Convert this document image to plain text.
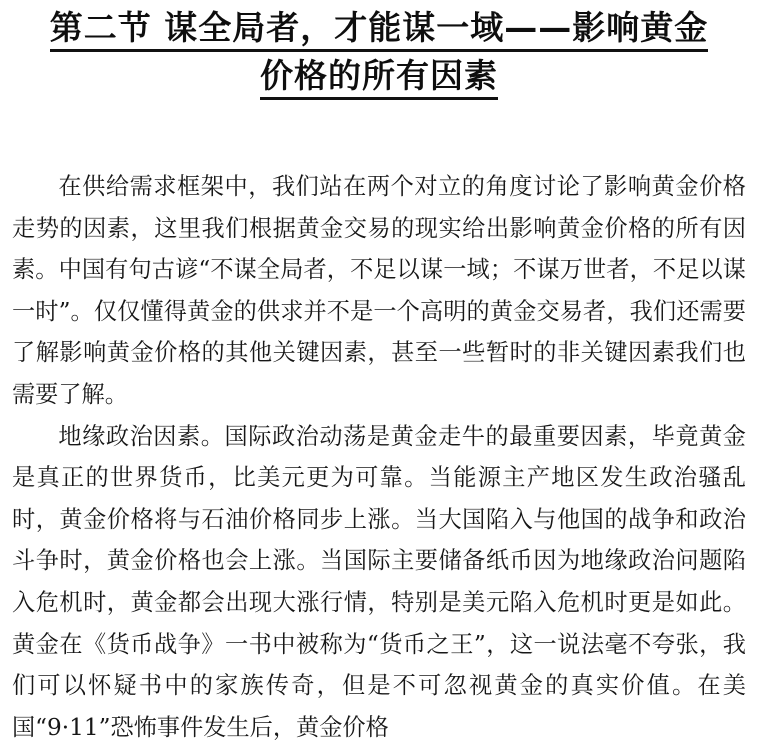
第二节 谋全局者，才能谋一域——影响黄金
价格的所有因素

在供给需求框架中，我们站在两个对立的角度讨论了影响黄金价格走势的因素，这里我们根据黄金交易的现实给出影响黄金价格的所有因素。中国有句古谚“不谋全局者，不足以谋一域；不谋万世者，不足以谋一时”。仅仅懂得黄金的供求并不是一个高明的黄金交易者，我们还需要了解影响黄金价格的其他关键因素，甚至一些暂时的非关键因素我们也需要了解。

地缘政治因素。国际政治动荡是黄金走牛的最重要因素，毕竟黄金是真正的世界货币，比美元更为可靠。当能源主产地区发生政治骚乱时，黄金价格将与石油价格同步上涨。当大国陷入与他国的战争和政治斗争时，黄金价格也会上涨。当国际主要储备纸币因为地缘政治问题陷入危机时，黄金都会出现大涨行情，特别是美元陷入危机时更是如此。黄金在《货币战争》一书中被称为“货币之王”，这一说法毫不夸张，我们可以怀疑书中的家族传奇，但是不可忽视黄金的真实价值。在美国“9·11”恐怖事件发生后，黄金价格
